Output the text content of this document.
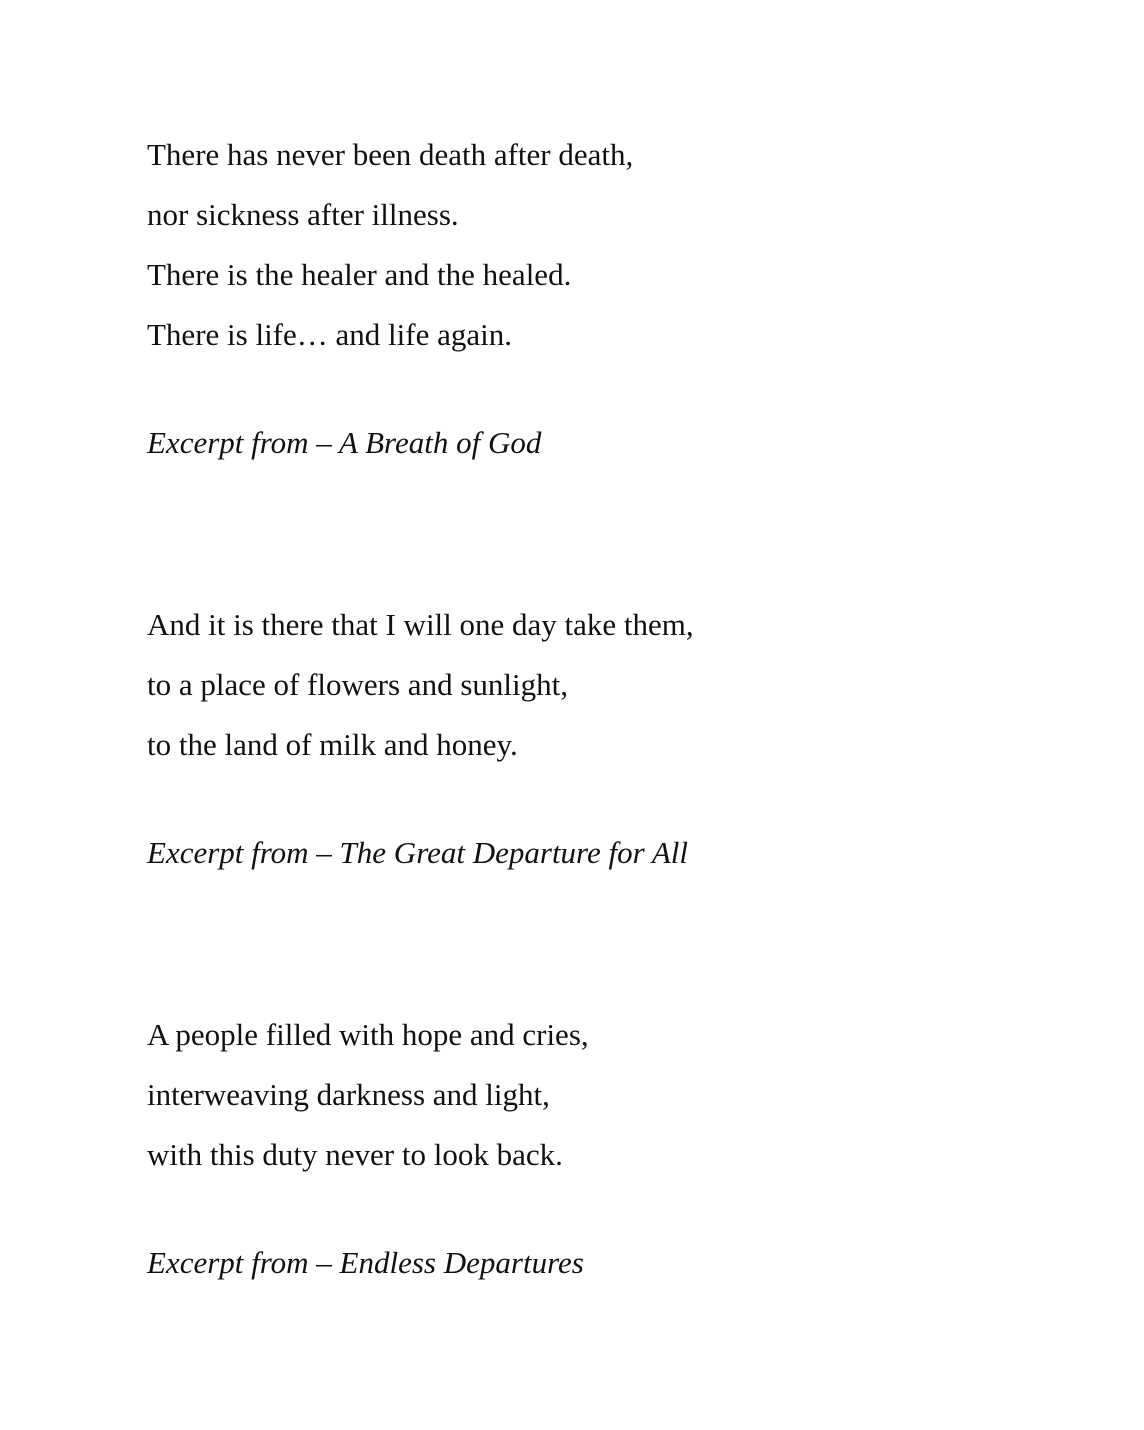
There has never been death after death,
nor sickness after illness.
There is the healer and the healed.
There is life… and life again.
Excerpt from – A Breath of God
And it is there that I will one day take them,
to a place of flowers and sunlight,
to the land of milk and honey.
Excerpt from – The Great Departure for All
A people filled with hope and cries,
interweaving darkness and light,
with this duty never to look back.
Excerpt from – Endless Departures
